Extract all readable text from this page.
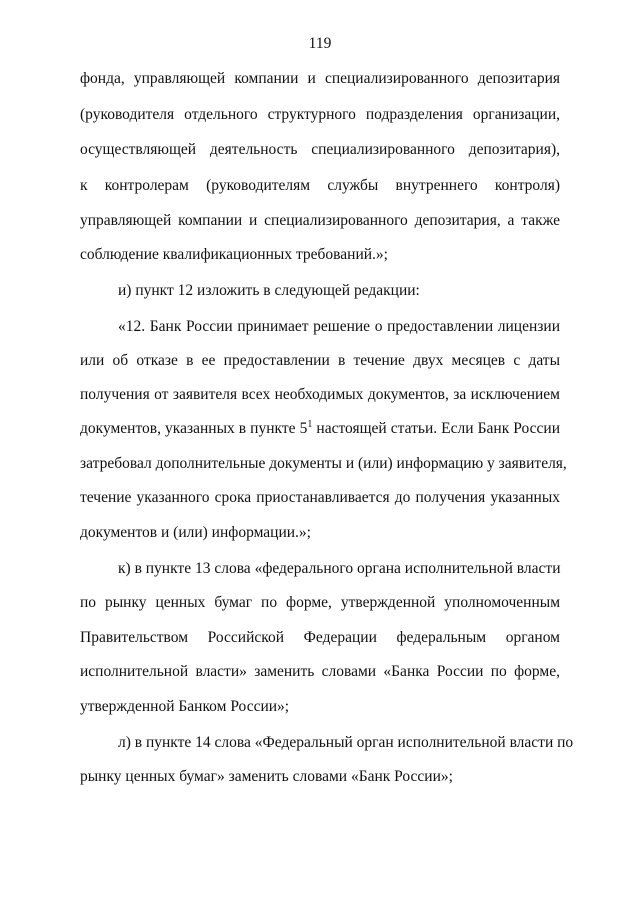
119
фонда, управляющей компании и специализированного депозитария
(руководителя отдельного структурного подразделения организации,
осуществляющей деятельность специализированного депозитария),
к контролерам (руководителям службы внутреннего контроля)
управляющей компании и специализированного депозитария, а также
соблюдение квалификационных требований.»;
и) пункт 12 изложить в следующей редакции:
«12. Банк России принимает решение о предоставлении лицензии
или об отказе в ее предоставлении в течение двух месяцев с даты
получения от заявителя всех необходимых документов, за исключением
документов, указанных в пункте $5^1$ настоящей статьи. Если Банк России
затребовал дополнительные документы и (или) информацию у заявителя,
течение указанного срока приостанавливается до получения указанных
документов и (или) информации.»;
к) в пункте 13 слова «федерального органа исполнительной власти
по рынку ценных бумаг по форме, утвержденной уполномоченным
Правительством Российской Федерации федеральным органом
исполнительной власти» заменить словами «Банка России по форме,
утвержденной Банком России»;
л) в пункте 14 слова «Федеральный орган исполнительной власти по
рынку ценных бумаг» заменить словами «Банк России»;
